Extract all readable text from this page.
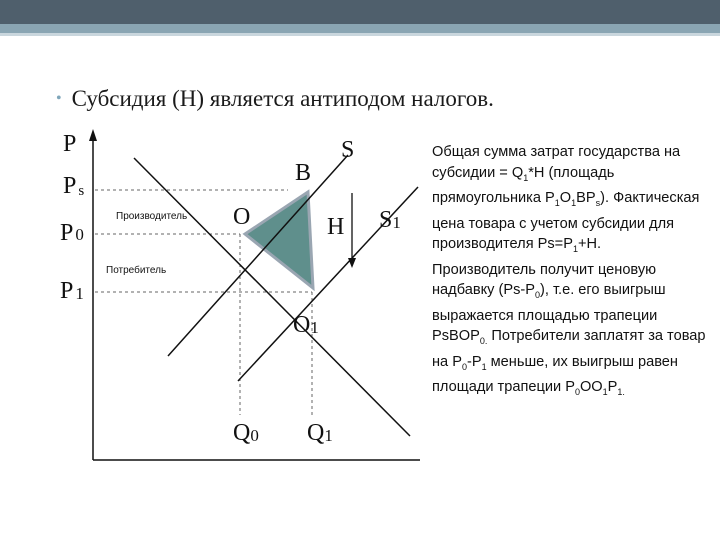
• Субсидия (Н) является антиподом налогов.
P	S
S1
Ps
P 0
P 1
B
O	H
O1
Q0 Q1
Производитель
Потребитель
Общая сумма затрат государства на субсидии = $Q_1*Н$ (площадь прямоугольника $P_1O_1BP_s$). Фактическая цена товара с учетом субсидии для производителя $Ps=P_1+Н$. Производитель получит ценовую надбавку $(Ps-P_0)$, т.е. его выигрыш выражается площадью трапеции PsBOP$_{0.}$ Потребители заплатят за товар на $P_0-P_1$ меньше, их выигрыш равен площади трапеции $P_0OO_1P_{1.}$
